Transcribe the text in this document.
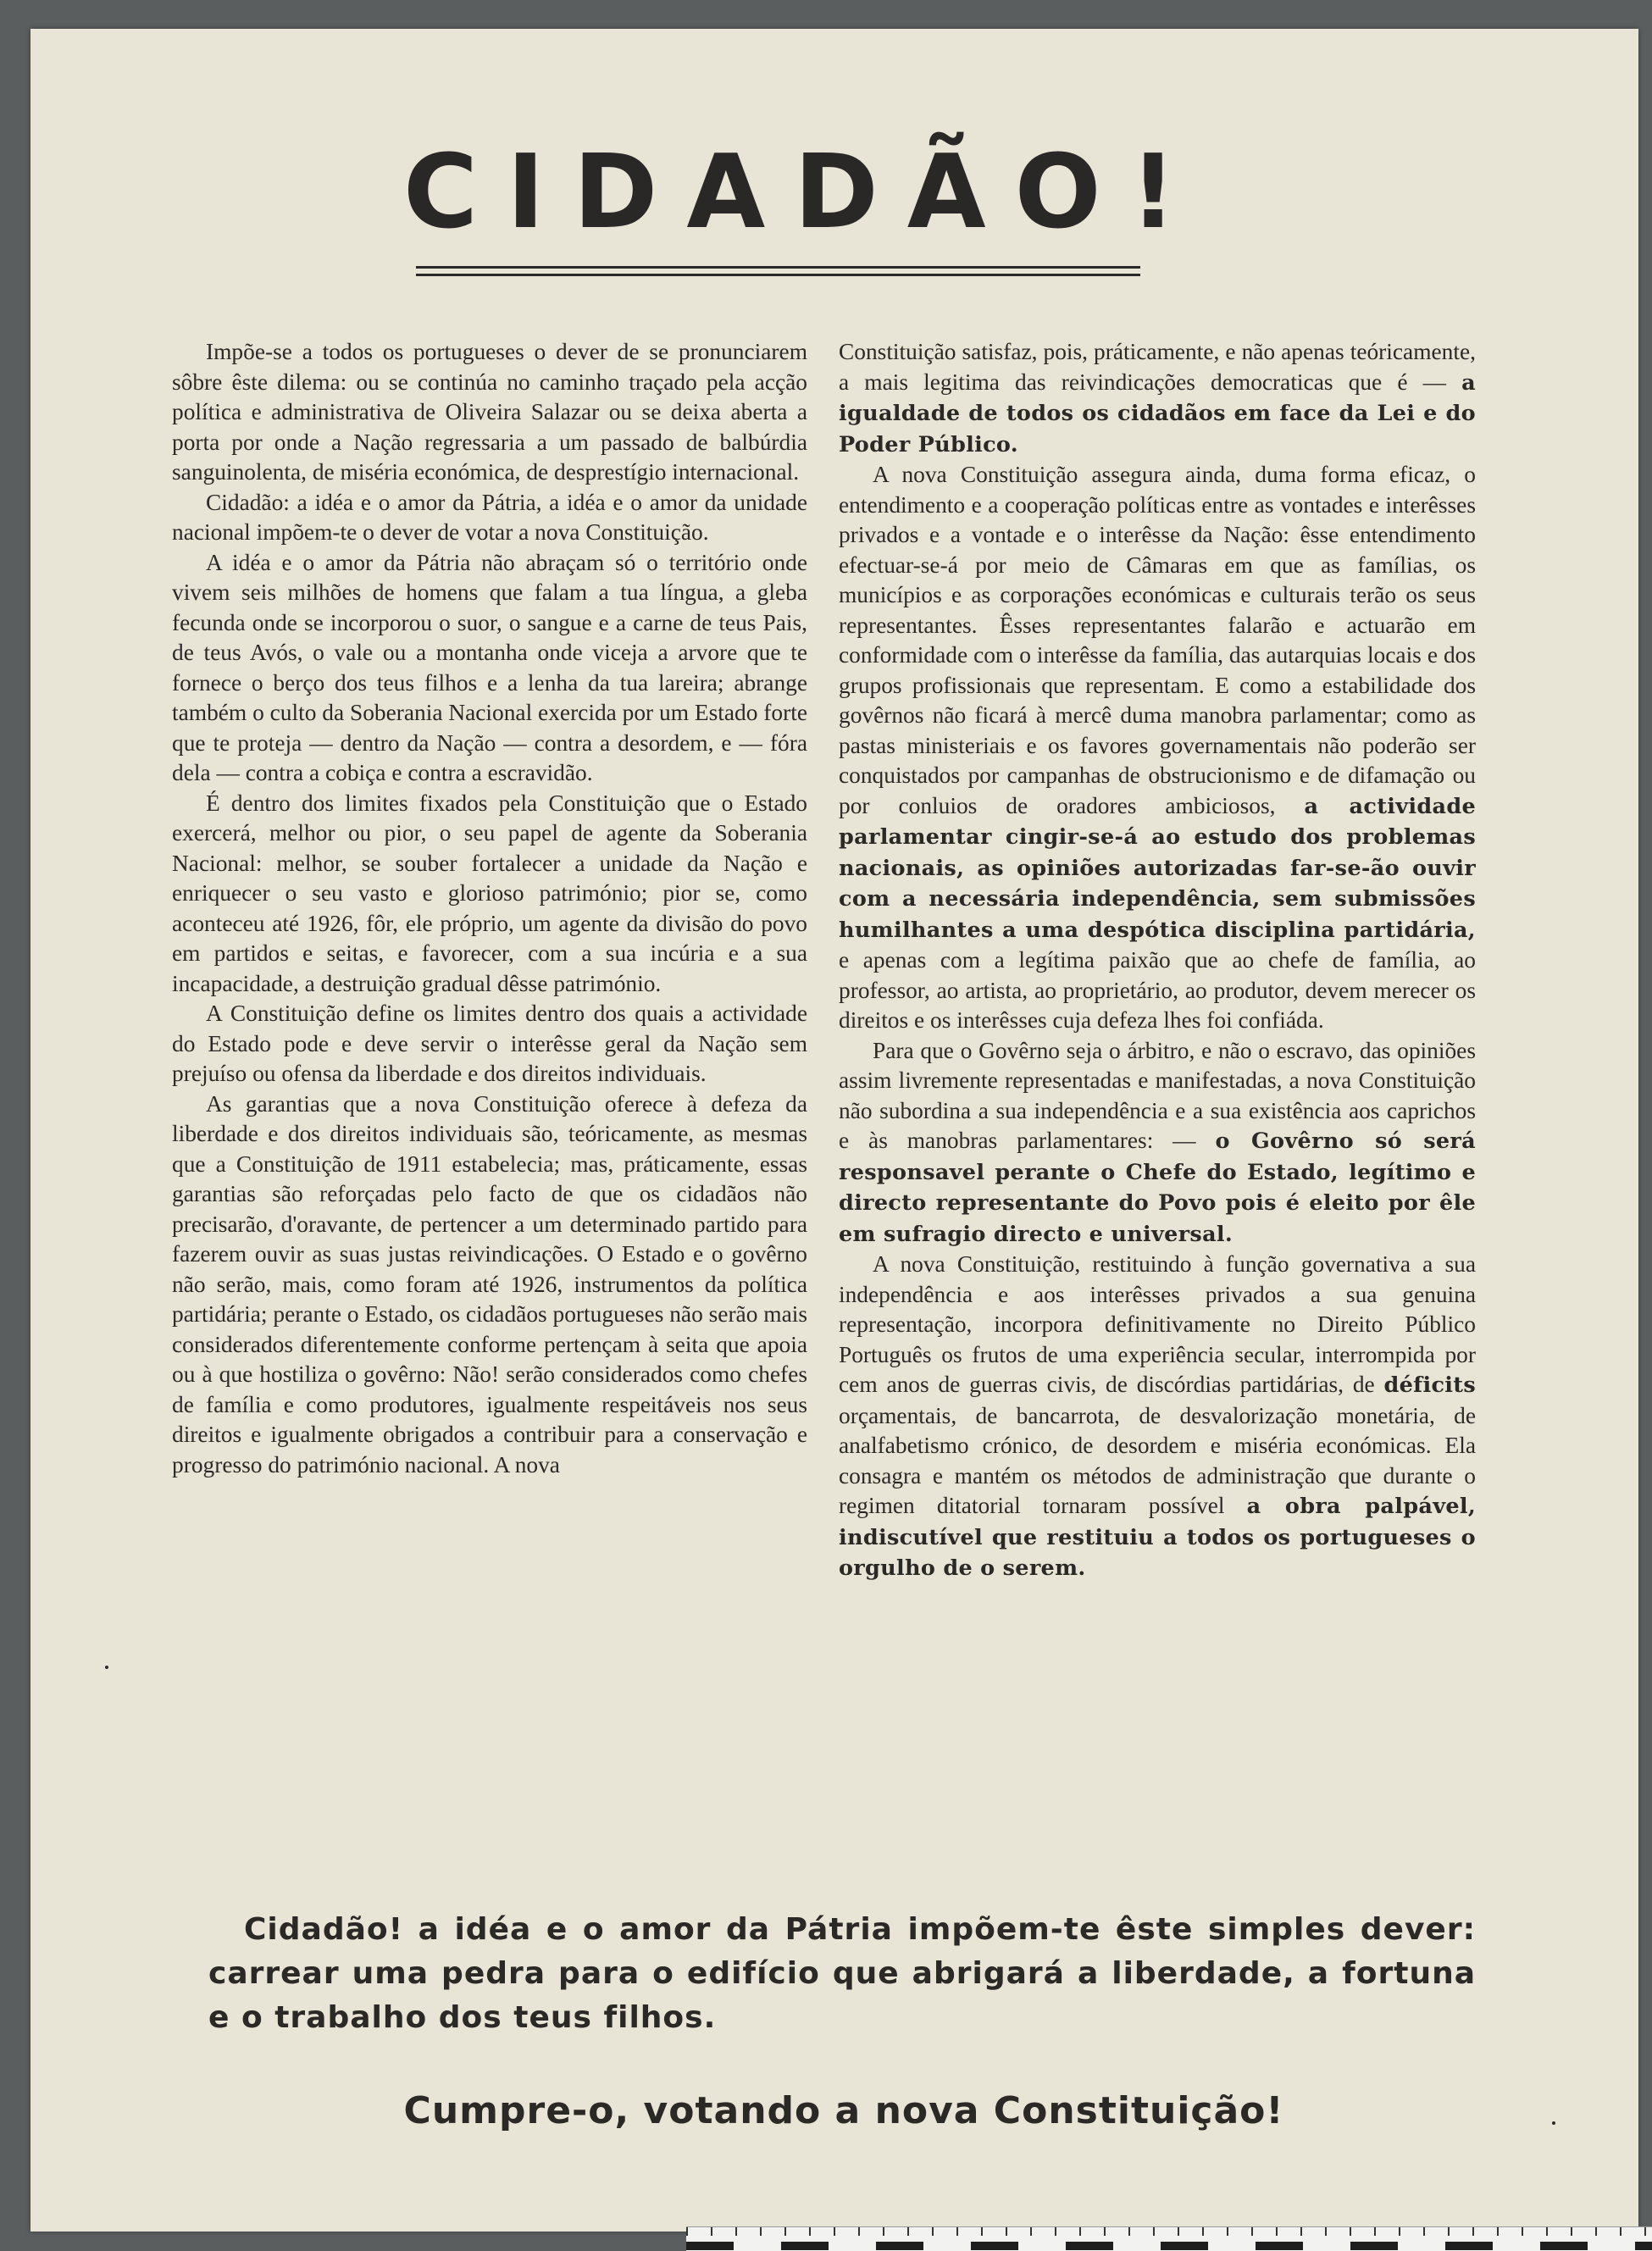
CIDADÃO!

Impõe-se a todos os portugueses o dever de se pronunciarem sôbre êste dilema: ou se continúa no caminho traçado pela acção política e administrativa de Oliveira Salazar ou se deixa aberta a porta por onde a Nação regressaria a um passado de balbúrdia sanguinolenta, de miséria económica, de desprestígio internacional.

Cidadão: a idéa e o amor da Pátria, a idéa e o amor da unidade nacional impõem-te o dever de votar a nova Constituição.

A idéa e o amor da Pátria não abraçam só o território onde vivem seis milhões de homens que falam a tua língua, a gleba fecunda onde se incorporou o suor, o sangue e a carne de teus Pais, de teus Avós, o vale ou a montanha onde viceja a arvore que te fornece o berço dos teus filhos e a lenha da tua lareira; abrange também o culto da Soberania Nacional exercida por um Estado forte que te proteja — dentro da Nação — contra a desordem, e — fóra dela — contra a cobiça e contra a escravidão.

É dentro dos limites fixados pela Constituição que o Estado exercerá, melhor ou pior, o seu papel de agente da Soberania Nacional: melhor, se souber fortalecer a unidade da Nação e enriquecer o seu vasto e glorioso património; pior se, como aconteceu até 1926, fôr, ele próprio, um agente da divisão do povo em partidos e seitas, e favorecer, com a sua incúria e a sua incapacidade, a destruição gradual dêsse património.

A Constituição define os limites dentro dos quais a actividade do Estado pode e deve servir o interêsse geral da Nação sem prejuíso ou ofensa da liberdade e dos direitos individuais.

As garantias que a nova Constituição oferece à defeza da liberdade e dos direitos individuais são, teóricamente, as mesmas que a Constituição de 1911 estabelecia; mas, práticamente, essas garantias são reforçadas pelo facto de que os cidadãos não precisarão, d'oravante, de pertencer a um determinado partido para fazerem ouvir as suas justas reivindicações. O Estado e o govêrno não serão, mais, como foram até 1926, instrumentos da política partidária; perante o Estado, os cidadãos portugueses não serão mais considerados diferentemente conforme pertençam à seita que apoia ou à que hostiliza o govêrno: Não! serão considerados como chefes de família e como produtores, igualmente respeitáveis nos seus direitos e igualmente obrigados a contribuir para a conservação e progresso do património nacional. A nova

Constituição satisfaz, pois, práticamente, e não apenas teóricamente, a mais legitima das reivindicações democraticas que é — a igualdade de todos os cidadãos em face da Lei e do Poder Público.

A nova Constituição assegura ainda, duma forma eficaz, o entendimento e a cooperação políticas entre as vontades e interêsses privados e a vontade e o interêsse da Nação: êsse entendimento efectuar-se-á por meio de Câmaras em que as famílias, os municípios e as corporações económicas e culturais terão os seus representantes. Êsses representantes falarão e actuarão em conformidade com o interêsse da família, das autarquias locais e dos grupos profissionais que representam. E como a estabilidade dos govêrnos não ficará à mercê duma manobra parlamentar; como as pastas ministeriais e os favores governamentais não poderão ser conquistados por campanhas de obstrucionismo e de difamação ou por conluios de oradores ambiciosos, a actividade parlamentar cingir-se-á ao estudo dos problemas nacionais, as opiniões autorizadas far-se-ão ouvir com a necessária independência, sem submissões humilhantes a uma despótica disciplina partidária, e apenas com a legítima paixão que ao chefe de família, ao professor, ao artista, ao proprietário, ao produtor, devem merecer os direitos e os interêsses cuja defeza lhes foi confiáda.

Para que o Govêrno seja o árbitro, e não o escravo, das opiniões assim livremente representadas e manifestadas, a nova Constituição não subordina a sua independência e a sua existência aos caprichos e às manobras parlamentares: — o Govêrno só será responsavel perante o Chefe do Estado, legítimo e directo representante do Povo pois é eleito por êle em sufragio directo e universal.

A nova Constituição, restituindo à função governativa a sua independência e aos interêsses privados a sua genuina representação, incorpora definitivamente no Direito Público Português os frutos de uma experiência secular, interrompida por cem anos de guerras civis, de discórdias partidárias, de déficits orçamentais, de bancarrota, de desvalorização monetária, de analfabetismo crónico, de desordem e miséria económicas. Ela consagra e mantém os métodos de administração que durante o regimen ditatorial tornaram possível a obra palpável, indiscutível que restituiu a todos os portugueses o orgulho de o serem.

Cidadão! a idéa e o amor da Pátria impõem-te êste simples dever: carrear uma pedra para o edifício que abrigará a liberdade, a fortuna e o trabalho dos teus filhos.

Cumpre-o, votando a nova Constituição!
